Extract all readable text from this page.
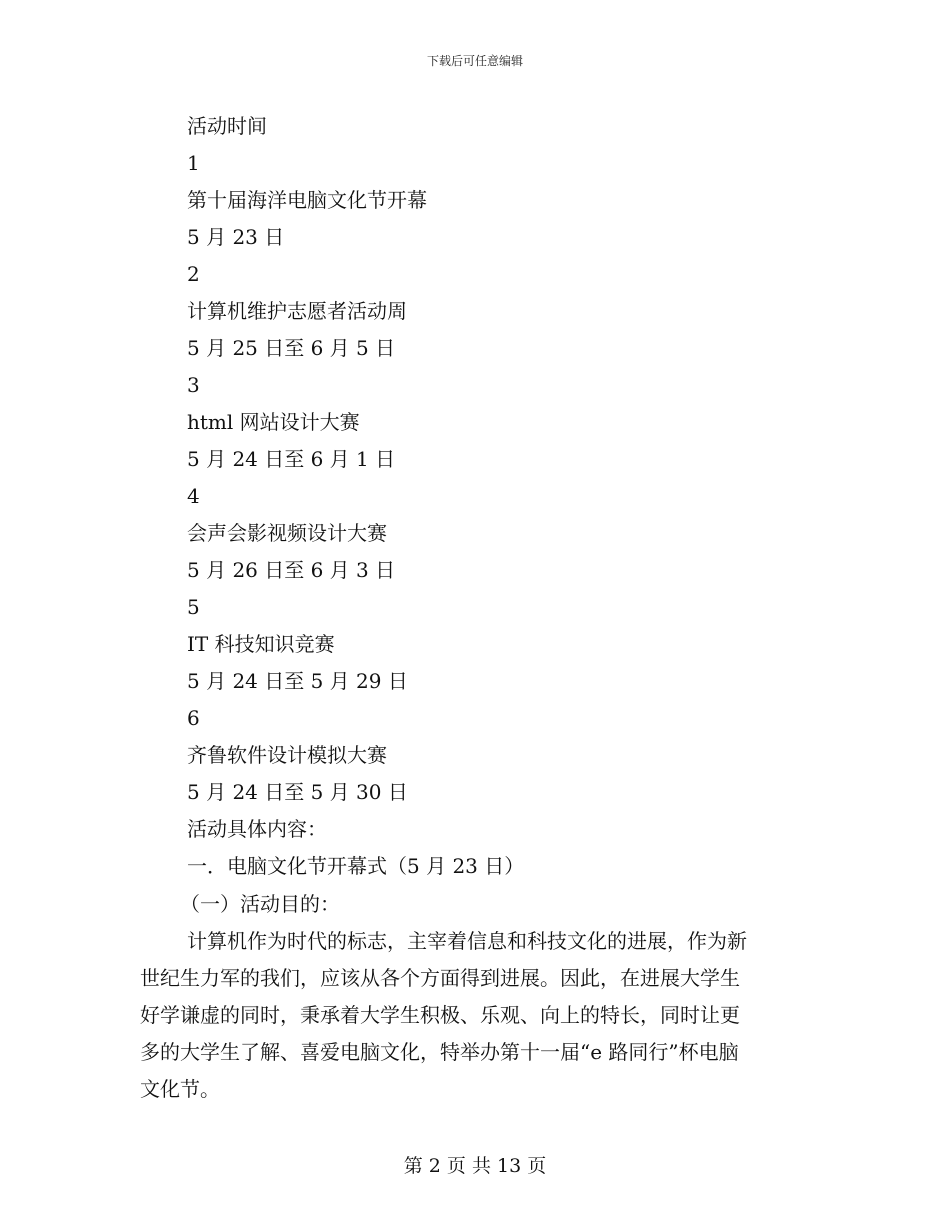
下载后可任意编辑
活动时间
1
第十届海洋电脑文化节开幕
5 月 23 日
2
计算机维护志愿者活动周
5 月 25 日至 6 月 5 日
3
html 网站设计大赛
5 月 24 日至 6 月 1 日
4
会声会影视频设计大赛
5 月 26 日至 6 月 3 日
5
IT 科技知识竞赛
5 月 24 日至 5 月 29 日
6
齐鲁软件设计模拟大赛
5 月 24 日至 5 月 30 日
活动具体内容：
一．电脑文化节开幕式（5 月 23 日）
（一）活动目的：
计算机作为时代的标志，主宰着信息和科技文化的进展，作为新
世纪生力军的我们，应该从各个方面得到进展。因此，在进展大学生
好学谦虚的同时，秉承着大学生积极、乐观、向上的特长，同时让更
多的大学生了解、喜爱电脑文化，特举办第十一届“e 路同行”杯电脑
文化节。
第 2 页 共 13 页
